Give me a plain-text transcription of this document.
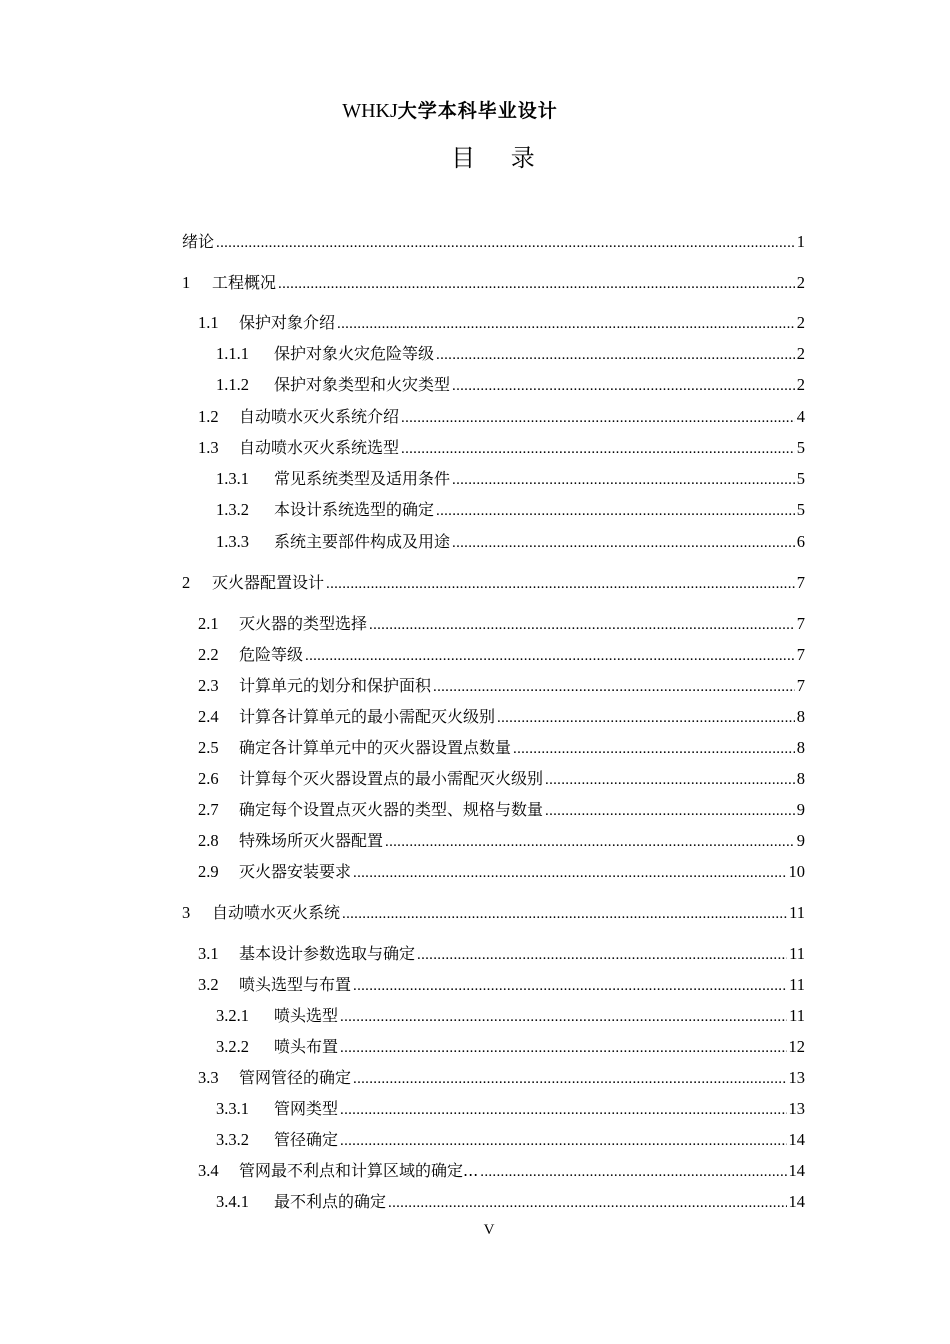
WHKJ大学本科毕业设计
目 录
绪论 .....	1
1	工程概况 .....	2
1.1	保护对象介绍 .....	2
1.1.1	保护对象火灾危险等级 .....	2
1.1.2	保护对象类型和火灾类型 .....	2
1.2	自动喷水灭火系统介绍 .....	4
1.3	自动喷水灭火系统选型 .....	5
1.3.1	常见系统类型及适用条件 .....	5
1.3.2	本设计系统选型的确定 .....	5
1.3.3	系统主要部件构成及用途 .....	6
2	灭火器配置设计 .....	7
2.1	灭火器的类型选择 .....	7
2.2	危险等级 .....	7
2.3	计算单元的划分和保护面积 .....	7
2.4	计算各计算单元的最小需配灭火级别 .....	8
2.5	确定各计算单元中的灭火器设置点数量 .....	8
2.6	计算每个灭火器设置点的最小需配灭火级别 .....	8
2.7	确定每个设置点灭火器的类型、规格与数量 .....	9
2.8	特殊场所灭火器配置 .....	9
2.9	灭火器安装要求 .....	10
3	自动喷水灭火系统 .....	11
3.1	基本设计参数选取与确定 .....	11
3.2	喷头选型与布置 .....	11
3.2.1	喷头选型 .....	11
3.2.2	喷头布置 .....	12
3.3	管网管径的确定 .....	13
3.3.1	管网类型 .....	13
3.3.2	管径确定 .....	14
3.4	管网最不利点和计算区域的确定... .....	14
3.4.1	最不利点的确定 .....	14
V
